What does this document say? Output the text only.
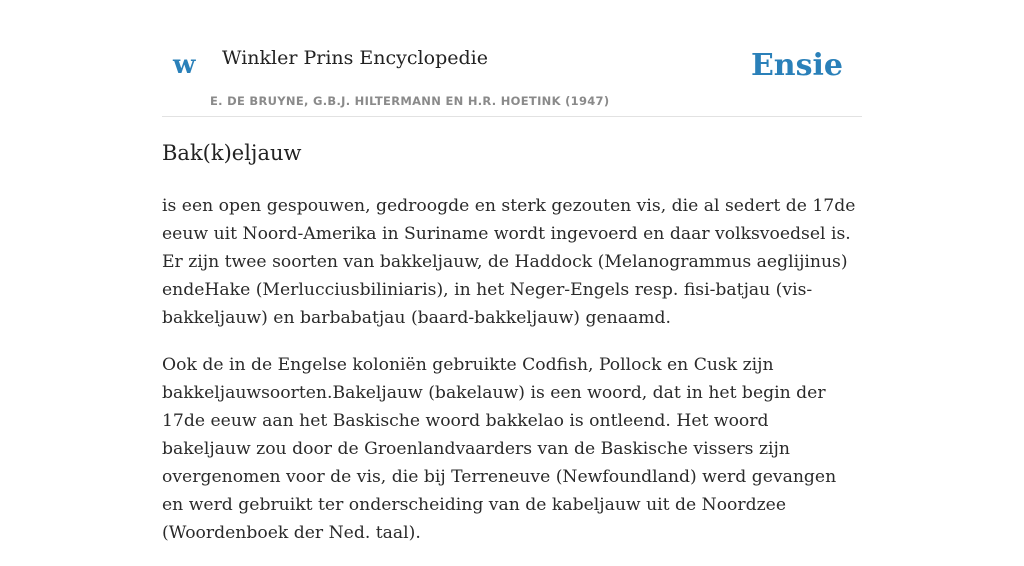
w Winkler Prins Encyclopedie
E. DE BRUYNE, G.B.J. HILTERMANN EN H.R. HOETINK (1947)
Ensie
Bak(k)eljauw

is een open gespouwen, gedroogde en sterk gezouten vis, die al sedert de 17de eeuw uit Noord-Amerika in Suriname wordt ingevoerd en daar volksvoedsel is. Er zijn twee soorten van bakkeljauw, de Haddock (Melanogrammus aeglijinus) endeHake (Merlucciusbiliniaris), in het Neger-Engels resp. fisi-batjau (vis-bakkeljauw) en barbabatjau (baard-bakkeljauw) genaamd.

Ook de in de Engelse koloniën gebruikte Codfish, Pollock en Cusk zijn bakkeljauwsoorten.Bakeljauw (bakelauw) is een woord, dat in het begin der 17de eeuw aan het Baskische woord bakkelao is ontleend. Het woord bakeljauw zou door de Groenlandvaarders van de Baskische vissers zijn overgenomen voor de vis, die bij Terreneuve (Newfoundland) werd gevangen en werd gebruikt ter onderscheiding van de kabeljauw uit de Noordzee (Woordenboek der Ned. taal).
